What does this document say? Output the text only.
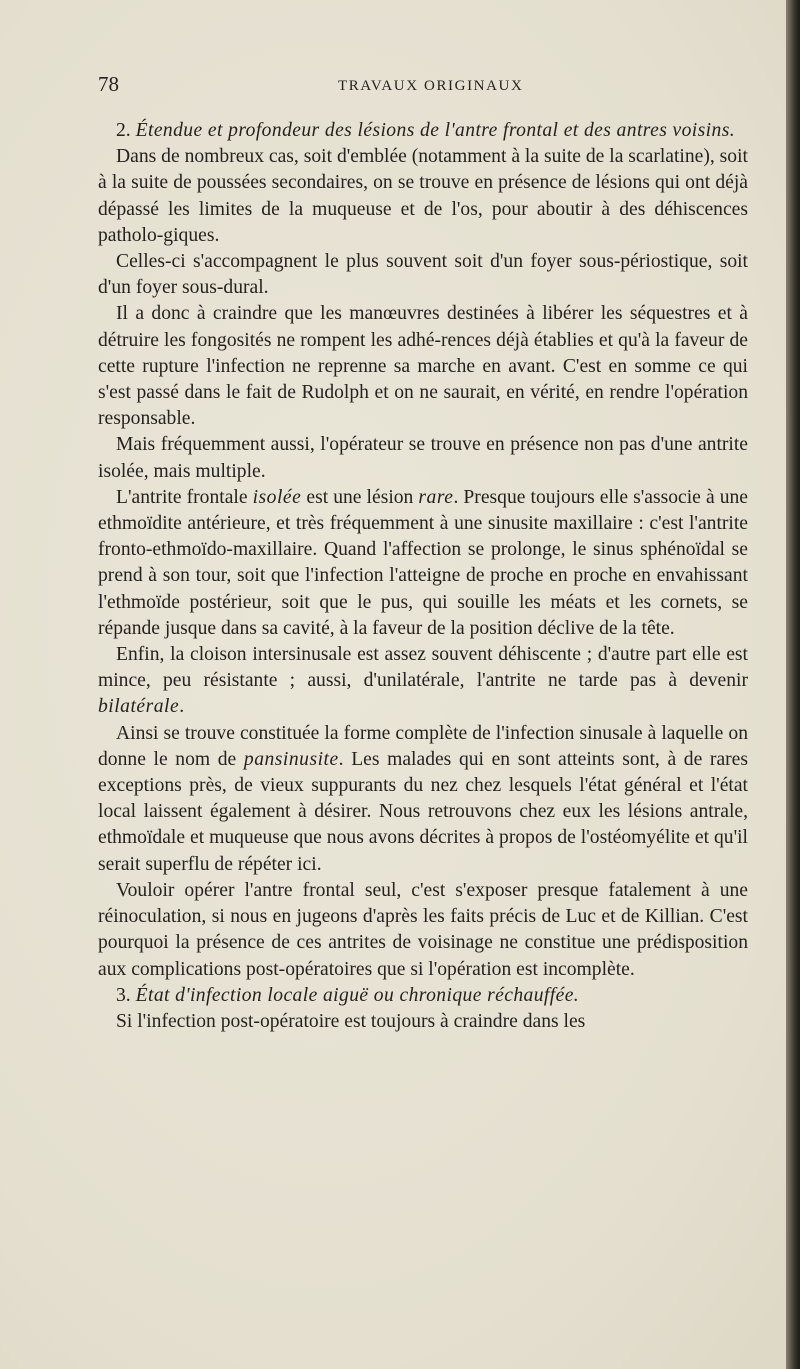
78	TRAVAUX ORIGINAUX

2. Étendue et profondeur des lésions de l'antre frontal et des antres voisins.

Dans de nombreux cas, soit d'emblée (notamment à la suite de la scarlatine), soit à la suite de poussées secondaires, on se trouve en présence de lésions qui ont déjà dépassé les limites de la muqueuse et de l'os, pour aboutir à des déhiscences patholo-giques.

Celles-ci s'accompagnent le plus souvent soit d'un foyer sous-périostique, soit d'un foyer sous-dural.

Il a donc à craindre que les manœuvres destinées à libérer les séquestres et à détruire les fongosités ne rompent les adhé-rences déjà établies et qu'à la faveur de cette rupture l'infection ne reprenne sa marche en avant. C'est en somme ce qui s'est passé dans le fait de Rudolph et on ne saurait, en vérité, en rendre l'opération responsable.

Mais fréquemment aussi, l'opérateur se trouve en présence non pas d'une antrite isolée, mais multiple.

L'antrite frontale isolée est une lésion rare. Presque toujours elle s'associe à une ethmoïdite antérieure, et très fréquemment à une sinusite maxillaire : c'est l'antrite fronto-ethmoïdo-maxillaire. Quand l'affection se prolonge, le sinus sphénoïdal se prend à son tour, soit que l'infection l'atteigne de proche en proche en envahissant l'ethmoïde postérieur, soit que le pus, qui souille les méats et les cornets, se répande jusque dans sa cavité, à la faveur de la position déclive de la tête.

Enfin, la cloison intersinusale est assez souvent déhiscente ; d'autre part elle est mince, peu résistante ; aussi, d'unilatérale, l'antrite ne tarde pas à devenir bilatérale.

Ainsi se trouve constituée la forme complète de l'infection sinusale à laquelle on donne le nom de pansinusite. Les malades qui en sont atteints sont, à de rares exceptions près, de vieux suppurants du nez chez lesquels l'état général et l'état local laissent également à désirer. Nous retrouvons chez eux les lésions antrale, ethmoïdale et muqueuse que nous avons décrites à propos de l'ostéomyélite et qu'il serait superflu de répéter ici.

Vouloir opérer l'antre frontal seul, c'est s'exposer presque fatalement à une réinoculation, si nous en jugeons d'après les faits précis de Luc et de Killian. C'est pourquoi la présence de ces antrites de voisinage ne constitue une prédisposition aux complications post-opératoires que si l'opération est incomplète.

3. État d'infection locale aiguë ou chronique réchauffée.

Si l'infection post-opératoire est toujours à craindre dans les
